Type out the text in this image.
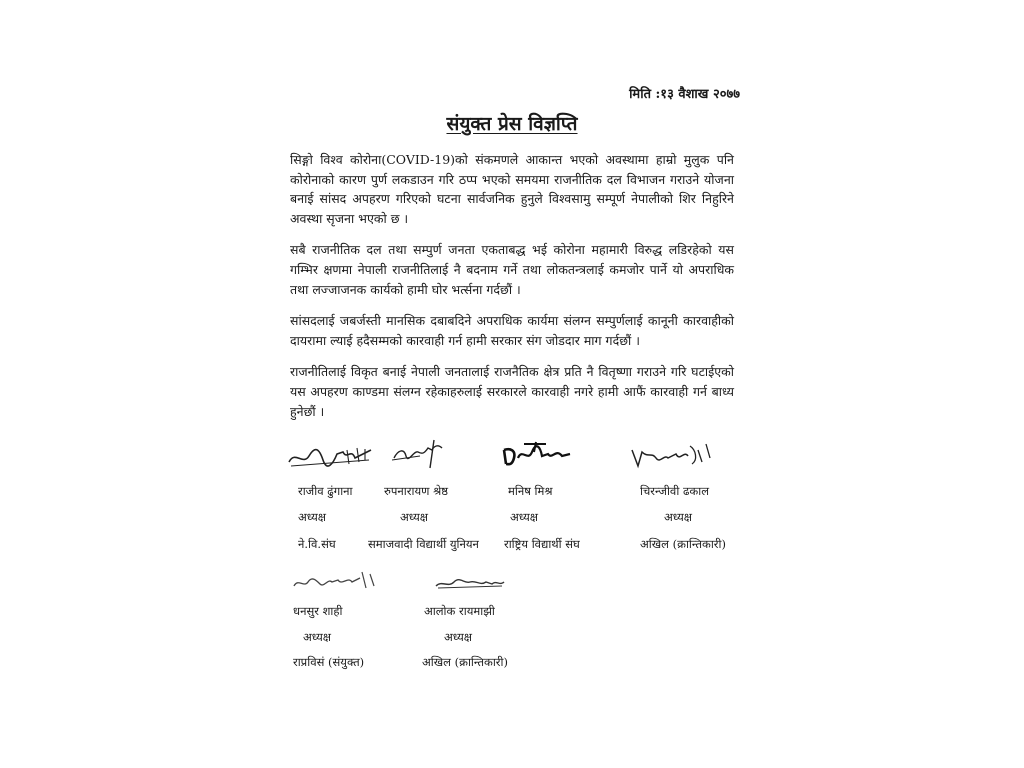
मिति :१३ वैशाख २०७७
संयुक्त प्रेस विज्ञप्ति

सिङ्गो विश्व कोरोना(COVID-19)को संकमणले आकान्त भएको अवस्थामा हाम्रो मुलुक पनि कोरोनाको कारण पुर्ण लकडाउन गरि ठप्प भएको समयमा राजनीतिक दल विभाजन गराउने योजना बनाई सांसद अपहरण गरिएको घटना सार्वजनिक हुनुले विश्वसामु सम्पूर्ण नेपालीको शिर निहुरिने अवस्था सृजना भएको छ ।

सबै राजनीतिक दल तथा सम्पुर्ण जनता एकताबद्ध भई कोरोना महामारी विरुद्ध लडिरहेको यस गम्भिर क्षणमा नेपाली राजनीतिलाई नै बदनाम गर्ने तथा लोकतन्त्रलाई कमजोर पार्ने यो अपराधिक तथा लज्जाजनक कार्यको हामी घोर भर्त्सना गर्दछौं ।

सांसदलाई जबर्जस्ती मानसिक दबाबदिने अपराधिक कार्यमा संलग्न सम्पुर्णलाई कानूनी कारवाहीको दायरामा ल्याई हदैसम्मको कारवाही गर्न हामी सरकार संग जोडदार माग गर्दछौं ।

राजनीतिलाई विकृत बनाई नेपाली जनतालाई राजनैतिक क्षेत्र प्रति नै वितृष्णा गराउने गरि घटाईएको यस अपहरण काण्डमा संलग्न रहेकाहरुलाई सरकारले कारवाही नगरे हामी आफैं कारवाही गर्न बाध्य हुनेछौं ।

राजीव ढुंगाना
अध्यक्ष
ने.वि.संघ
रुपनारायण श्रेष्ठ
अध्यक्ष
समाजवादी विद्यार्थी युनियन
मनिष मिश्र
अध्यक्ष
राष्ट्रिय विद्यार्थी संघ
चिरन्जीवी ढकाल
अध्यक्ष
अखिल (क्रान्तिकारी)
धनसुर शाही
अध्यक्ष
राप्रविसं (संयुक्त)
आलोक रायमाझी
अध्यक्ष
अखिल (क्रान्तिकारी)
